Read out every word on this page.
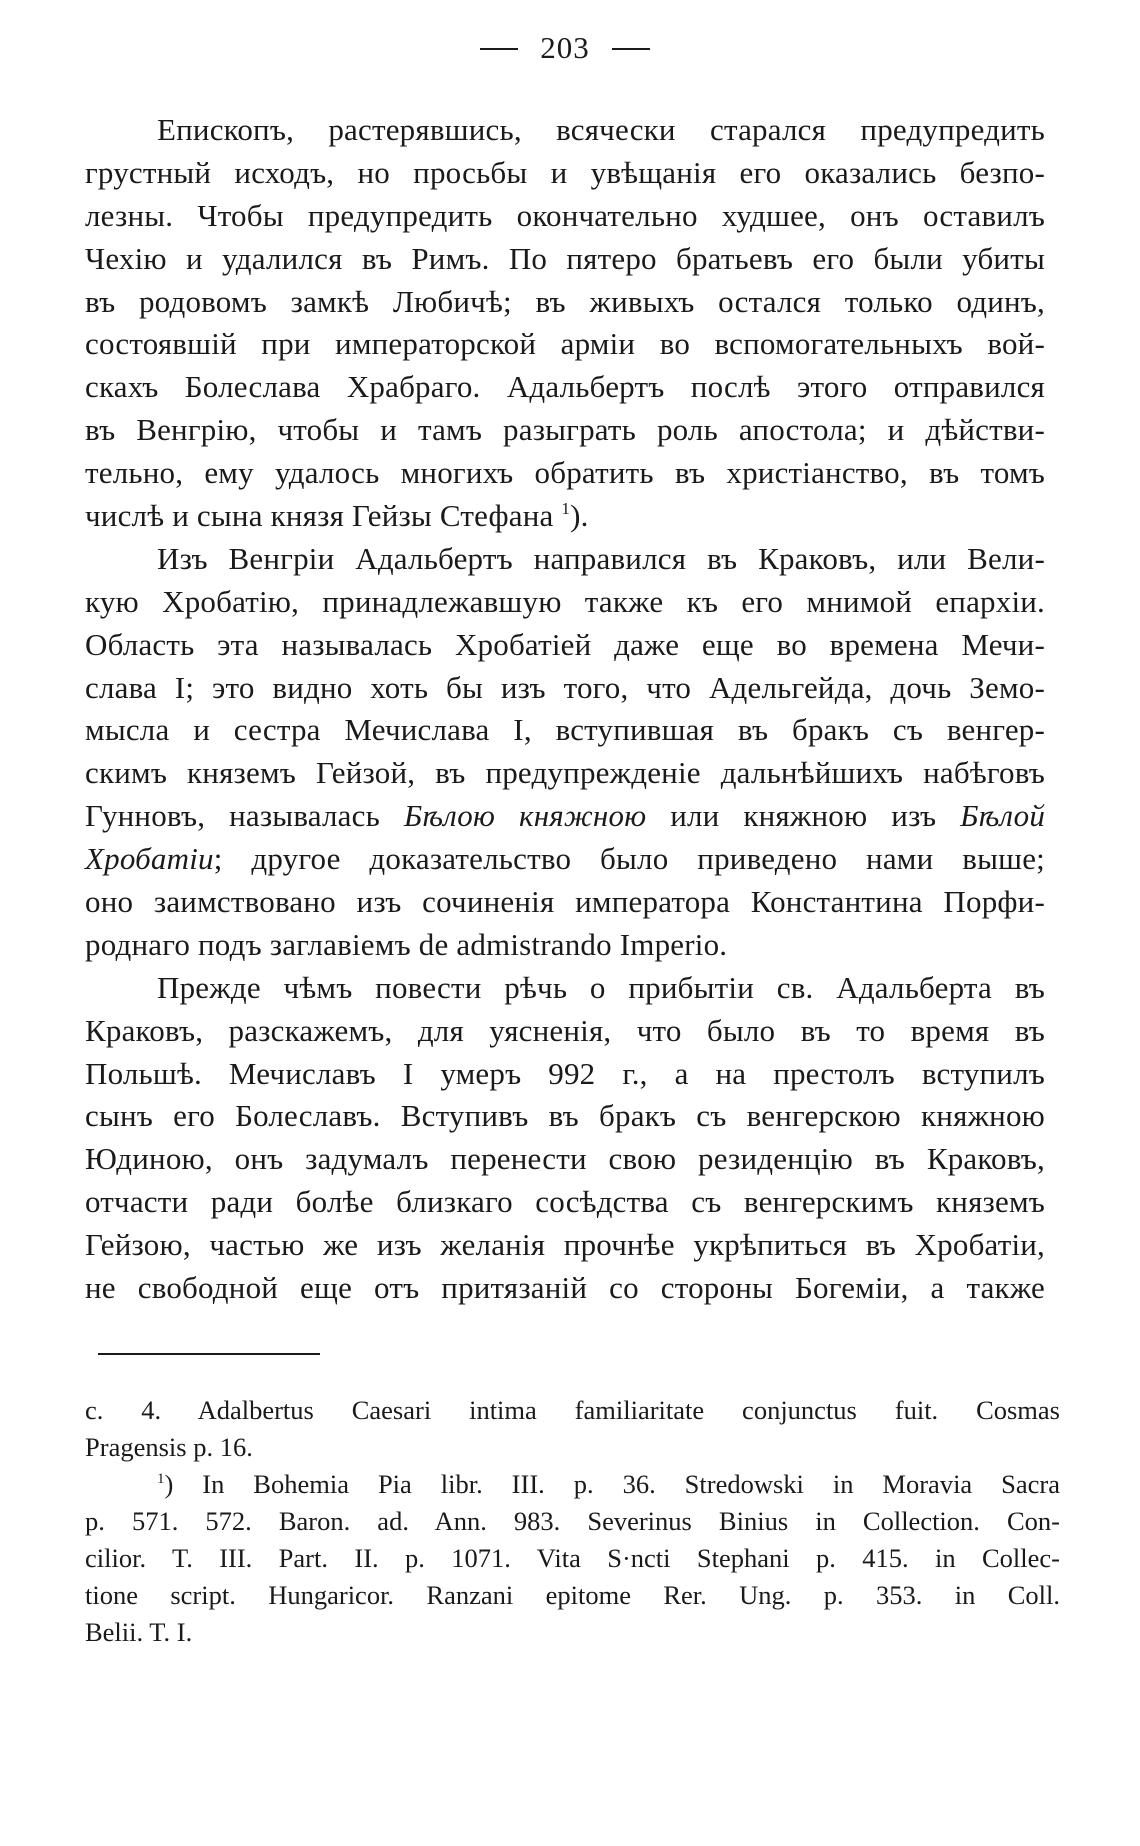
203
Епископъ, растерявшись, всячески старался предупредить
грустный исходъ, но просьбы и увѣщанія его оказались безпо-
лезны. Чтобы предупредить окончательно худшее, онъ оставилъ
Чехію и удалился въ Римъ. По пятеро братьевъ его были убиты
въ родовомъ замкѣ Любичѣ; въ живыхъ остался только одинъ,
состоявшій при императорской арміи во вспомогательныхъ вой-
скахъ Болеслава Храбраго. Адальбертъ послѣ этого отправился
въ Венгрію, чтобы и тамъ разыграть роль апостола; и дѣйстви-
тельно, ему удалось многихъ обратить въ христіанство, въ томъ
числѣ и сына князя Гейзы Стефана $^1$).
Изъ Венгріи Адальбертъ направился въ Краковъ, или Вели-
кую Хробатію, принадлежавшую также къ его мнимой епархіи.
Область эта называлась Хробатіей даже еще во времена Мечи-
слава I; это видно хоть бы изъ того, что Адельгейда, дочь Земо-
мысла и сестра Мечислава I, вступившая въ бракъ съ венгер-
скимъ княземъ Гейзой, въ предупрежденіе дальнѣйшихъ набѣговъ
Гунновъ, называлась Бѣлою княжною или княжною изъ Бѣлой
Хробатіи; другое доказательство было приведено нами выше;
оно заимствовано изъ сочиненія императора Константина Порфи-
роднаго подъ заглавіемъ de admistrando Imperio.
Прежде чѣмъ повести рѣчь о прибытіи св. Адальберта въ
Краковъ, разскажемъ, для уясненія, что было въ то время въ
Польшѣ. Мечиславъ I умеръ 992 г., а на престолъ вступилъ
сынъ его Болеславъ. Вступивъ въ бракъ съ венгерскою княжною
Юдиною, онъ задумалъ перенести свою резиденцію въ Краковъ,
отчасти ради болѣе близкаго сосѣдства съ венгерскимъ княземъ
Гейзою, частью же изъ желанія прочнѣе укрѣпиться въ Хробатіи,
не свободной еще отъ притязаній со стороны Богеміи, а также
c. 4. Adalbertus Caesari intima familiaritate conjunctus fuit. Cosmas
Pragensis p. 16.
$^1$) In Bohemia Pia libr. III. p. 36. Stredowski in Moravia Sacra
p. 571. 572. Baron. ad. Ann. 983. Severinus Binius in Collection. Con-
cilior. T. III. Part. II. p. 1071. Vita S·ncti Stephani p. 415. in Collec-
tione script. Hungaricor. Ranzani epitome Rer. Ung. p. 353. in Coll.
Belii. T. I.
